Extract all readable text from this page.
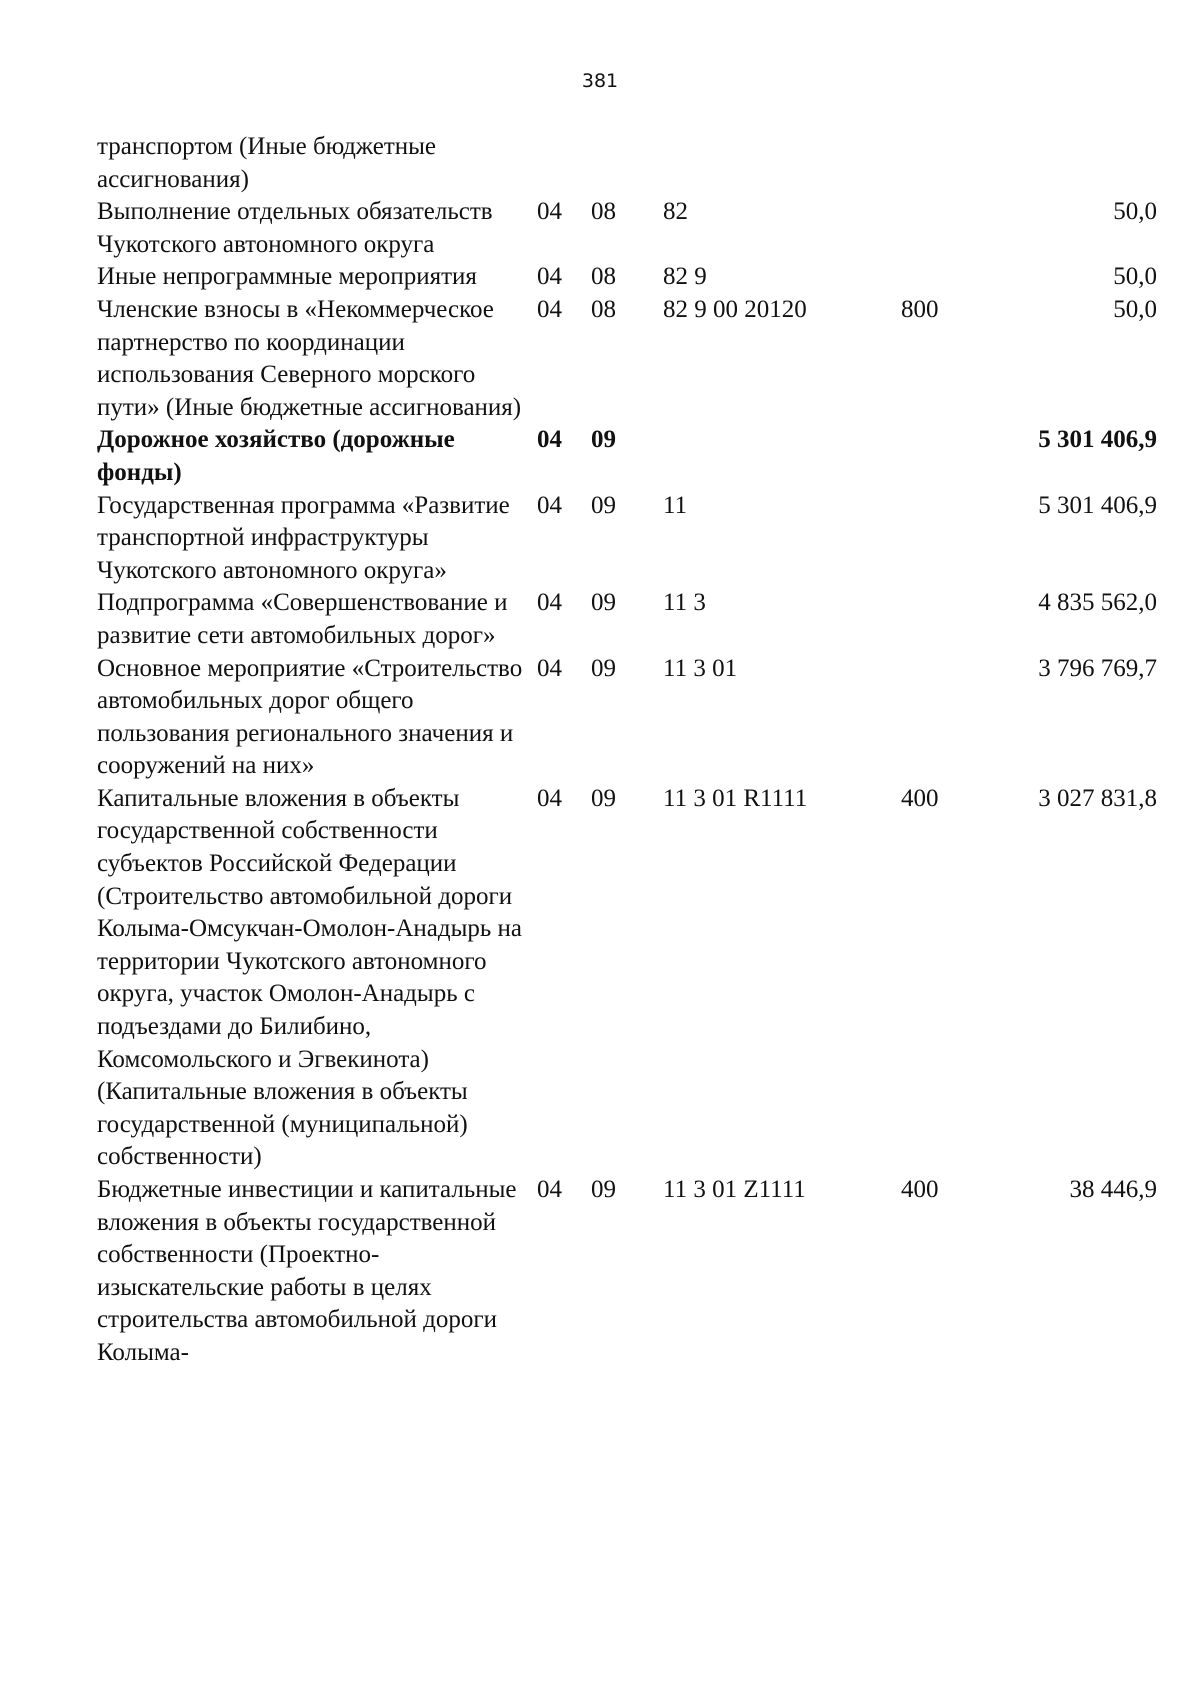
381
транспортом (Иные бюджетные ассигнования)					
Выполнение отдельных обязательств Чукотского автономного округа	04	08	82		50,0
Иные непрограммные мероприятия	04	08	82 9		50,0
Членские взносы в «Некоммерческое партнерство по координации использования Северного морского пути» (Иные бюджетные ассигнования)	04	08	82 9 00 20120	800	50,0
Дорожное хозяйство (дорожные фонды)	04	09			5 301 406,9
Государственная программа «Развитие транспортной инфраструктуры Чукотского автономного округа»	04	09	11		5 301 406,9
Подпрограмма «Совершенствование и развитие сети автомобильных дорог»	04	09	11 3		4 835 562,0
Основное мероприятие «Строительство автомобильных дорог общего пользования регионального значения и сооружений на них»	04	09	11 3 01		3 796 769,7
Капитальные вложения в объекты государственной собственности субъектов Российской Федерации (Строительство автомобильной дороги Колыма-Омсукчан-Омолон-Анадырь на территории Чукотского автономного округа, участок Омолон-Анадырь с подъездами до Билибино, Комсомольского и Эгвекинота) (Капитальные вложения в объекты государственной (муниципальной) собственности)	04	09	11 3 01 R1111	400	3 027 831,8
Бюджетные инвестиции и капитальные вложения в объекты государственной собственности (Проектно-изыскательские работы в целях строительства автомобильной дороги Колыма-	04	09	11 3 01 Z1111	400	38 446,9
